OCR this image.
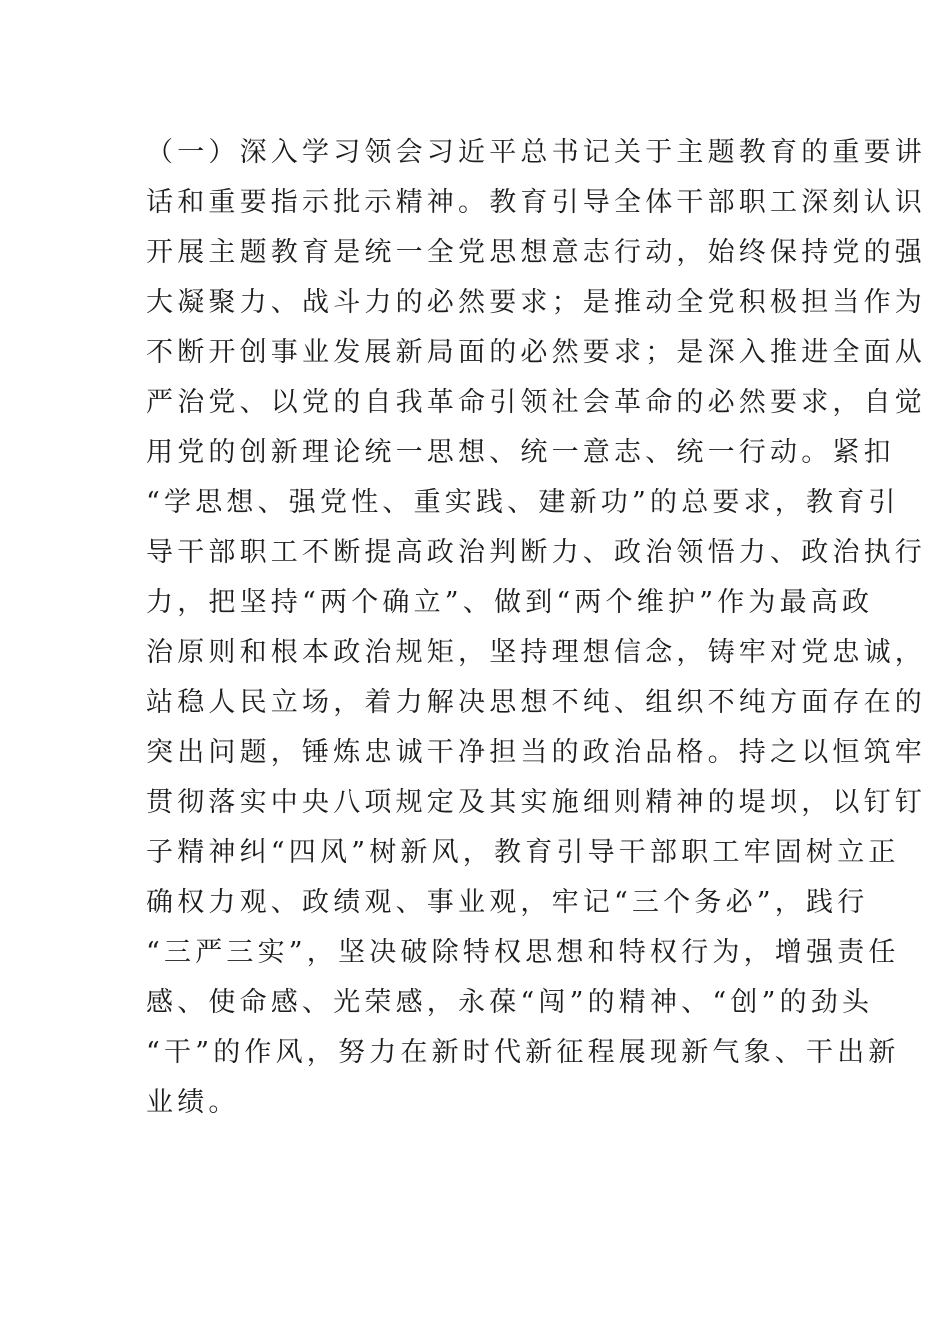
（一）深入学习领会习近平总书记关于主题教育的重要讲
话和重要指示批示精神。教育引导全体干部职工深刻认识
开展主题教育是统一全党思想意志行动，始终保持党的强
大凝聚力、战斗力的必然要求；是推动全党积极担当作为
不断开创事业发展新局面的必然要求；是深入推进全面从
严治党、以党的自我革命引领社会革命的必然要求，自觉
用党的创新理论统一思想、统一意志、统一行动。紧扣
“学思想、强党性、重实践、建新功”的总要求，教育引
导干部职工不断提高政治判断力、政治领悟力、政治执行
力，把坚持“两个确立”、做到“两个维护”作为最高政
治原则和根本政治规矩，坚持理想信念，铸牢对党忠诚，
站稳人民立场，着力解决思想不纯、组织不纯方面存在的
突出问题，锤炼忠诚干净担当的政治品格。持之以恒筑牢
贯彻落实中央八项规定及其实施细则精神的堤坝，以钉钉
子精神纠“四风”树新风，教育引导干部职工牢固树立正
确权力观、政绩观、事业观，牢记“三个务必”，践行
“三严三实”，坚决破除特权思想和特权行为，增强责任
感、使命感、光荣感，永葆“闯”的精神、“创”的劲头
“干”的作风，努力在新时代新征程展现新气象、干出新
业绩。
